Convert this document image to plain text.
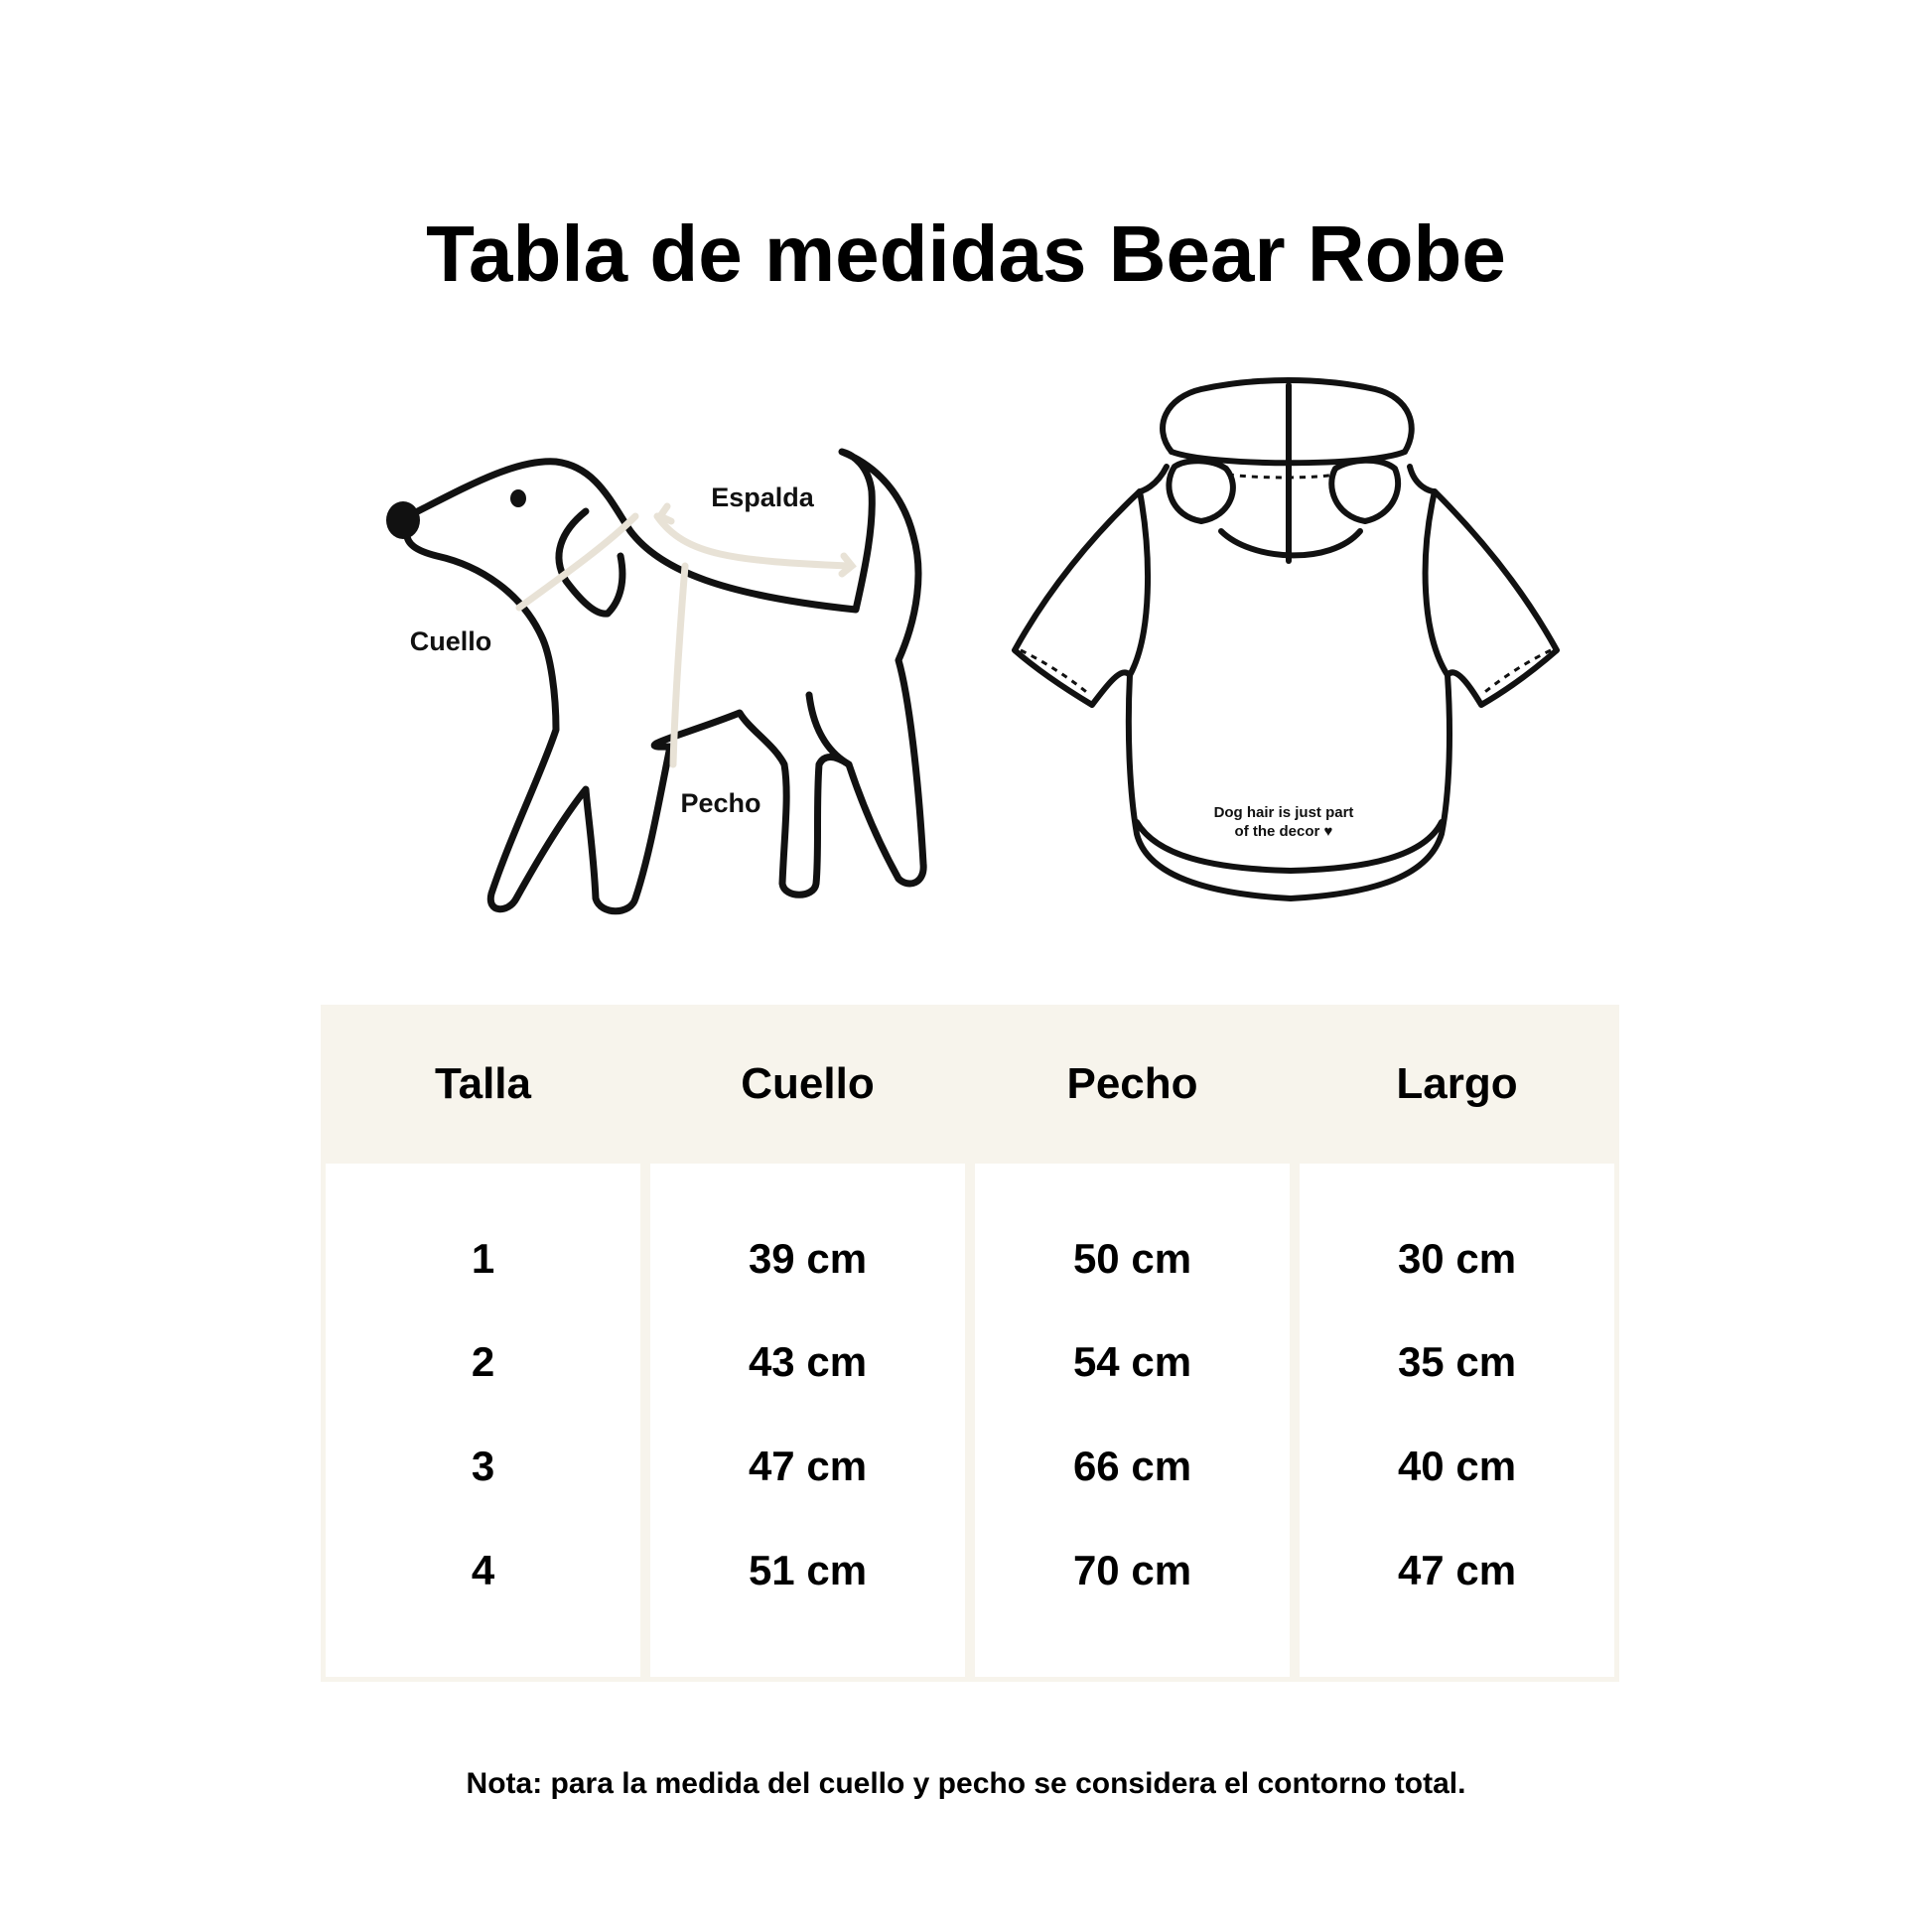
Tabla de medidas Bear Robe
Espalda
Cuello
Pecho	Dog hair is just part
of the decor ♥
Talla	Cuello	Pecho	Largo
1	39 cm	50 cm	30 cm
2	43 cm	54 cm	35 cm
3	47 cm	66 cm	40 cm
4	51 cm	70 cm	47 cm
Nota: para la medida del cuello y pecho se considera el contorno total.
